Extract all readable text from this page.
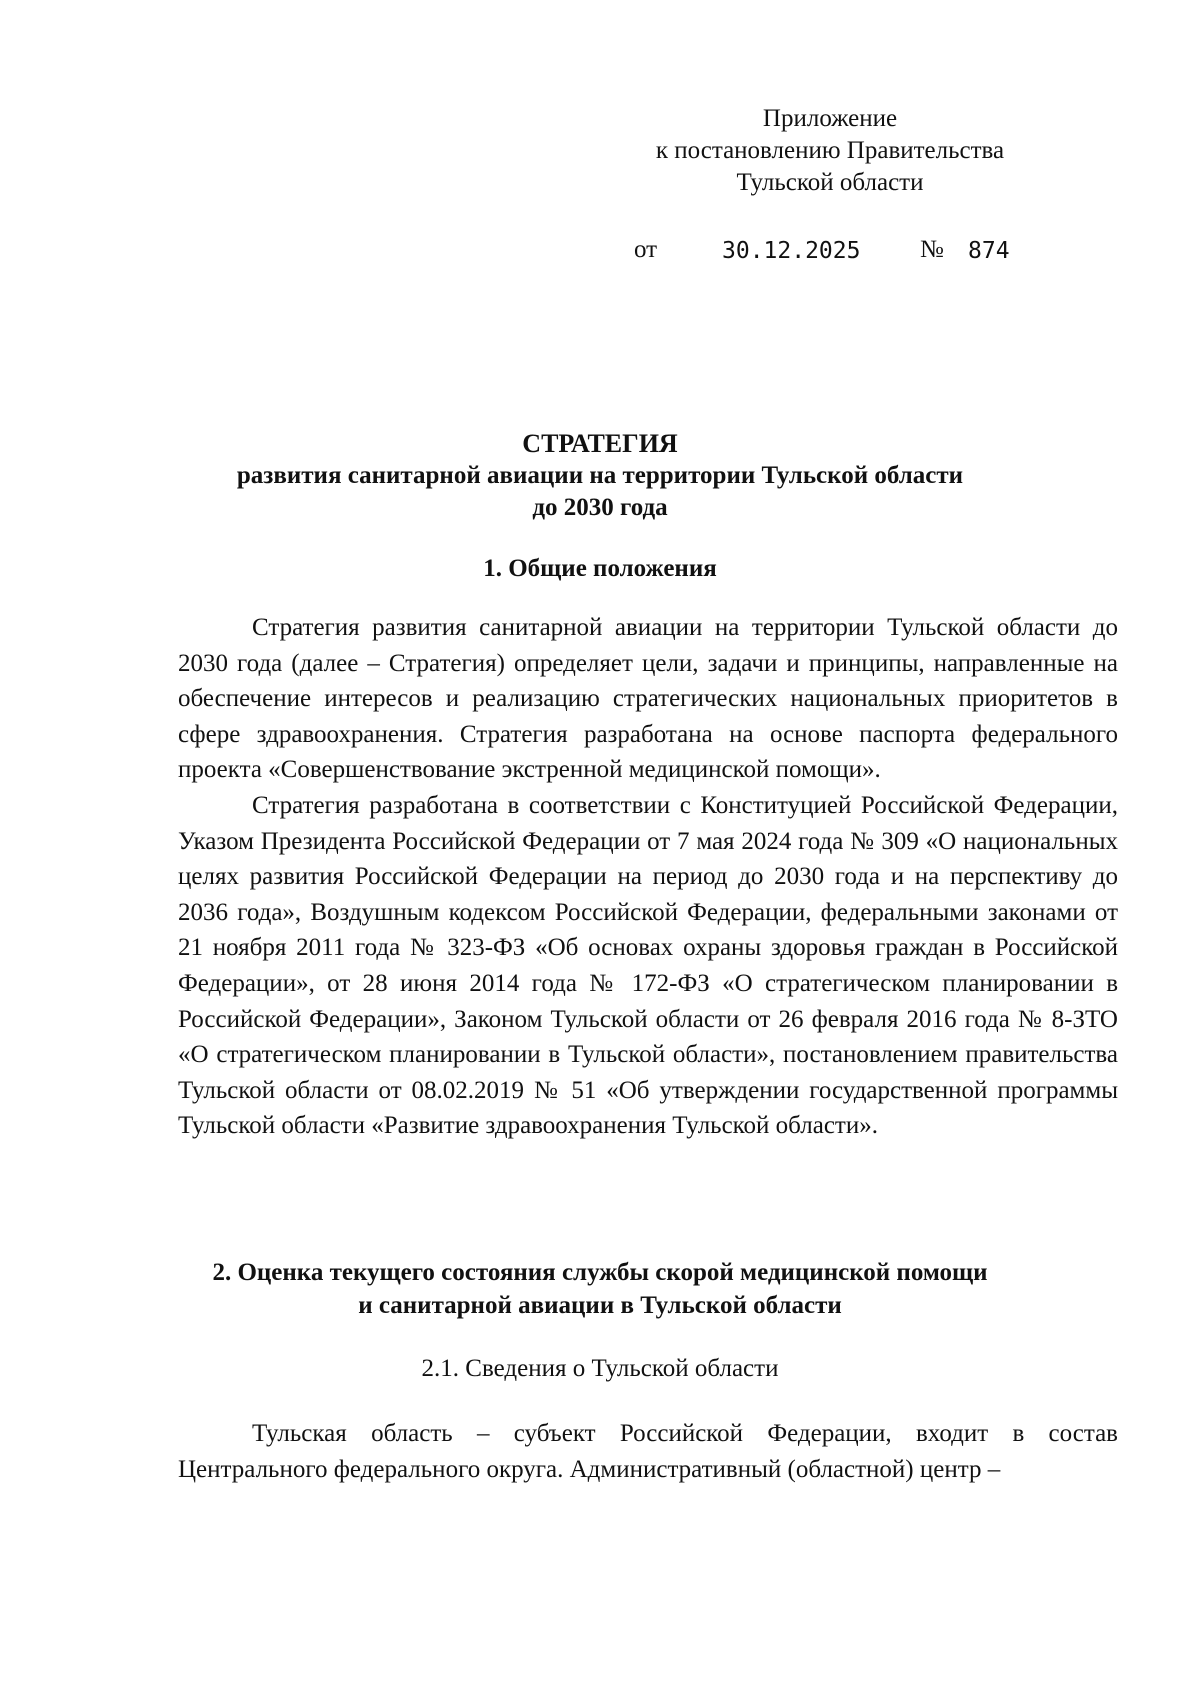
Приложение
к постановлению Правительства
Тульской области
от	30.12.2025 № 874
СТРАТЕГИЯ
развития санитарной авиации на территории Тульской области
до 2030 года
1. Общие положения

Стратегия развития санитарной авиации на территории Тульской области до 2030 года (далее – Стратегия) определяет цели, задачи и принципы, направленные на обеспечение интересов и реализацию стратегических национальных приоритетов в сфере здравоохранения. Стратегия разработана на основе паспорта федерального проекта «Совершенствование экстренной медицинской помощи».

Стратегия разработана в соответствии с Конституцией Российской Федерации, Указом Президента Российской Федерации от 7 мая 2024 года № 309 «О национальных целях развития Российской Федерации на период до 2030 года и на перспективу до 2036 года», Воздушным кодексом Российской Федерации, федеральными законами от 21 ноября 2011 года № 323-ФЗ «Об основах охраны здоровья граждан в Российской Федерации», от 28 июня 2014 года № 172-ФЗ «О стратегическом планировании в Российской Федерации», Законом Тульской области от 26 февраля 2016 года № 8-ЗТО «О стратегическом планировании в Тульской области», постановлением правительства Тульской области от 08.02.2019 № 51 «Об утверждении государственной программы Тульской области «Развитие здравоохранения Тульской области».

2. Оценка текущего состояния службы скорой медицинской помощи
и санитарной авиации в Тульской области
2.1. Сведения о Тульской области

Тульская область – субъект Российской Федерации, входит в состав Центрального федерального округа. Административный (областной) центр –
